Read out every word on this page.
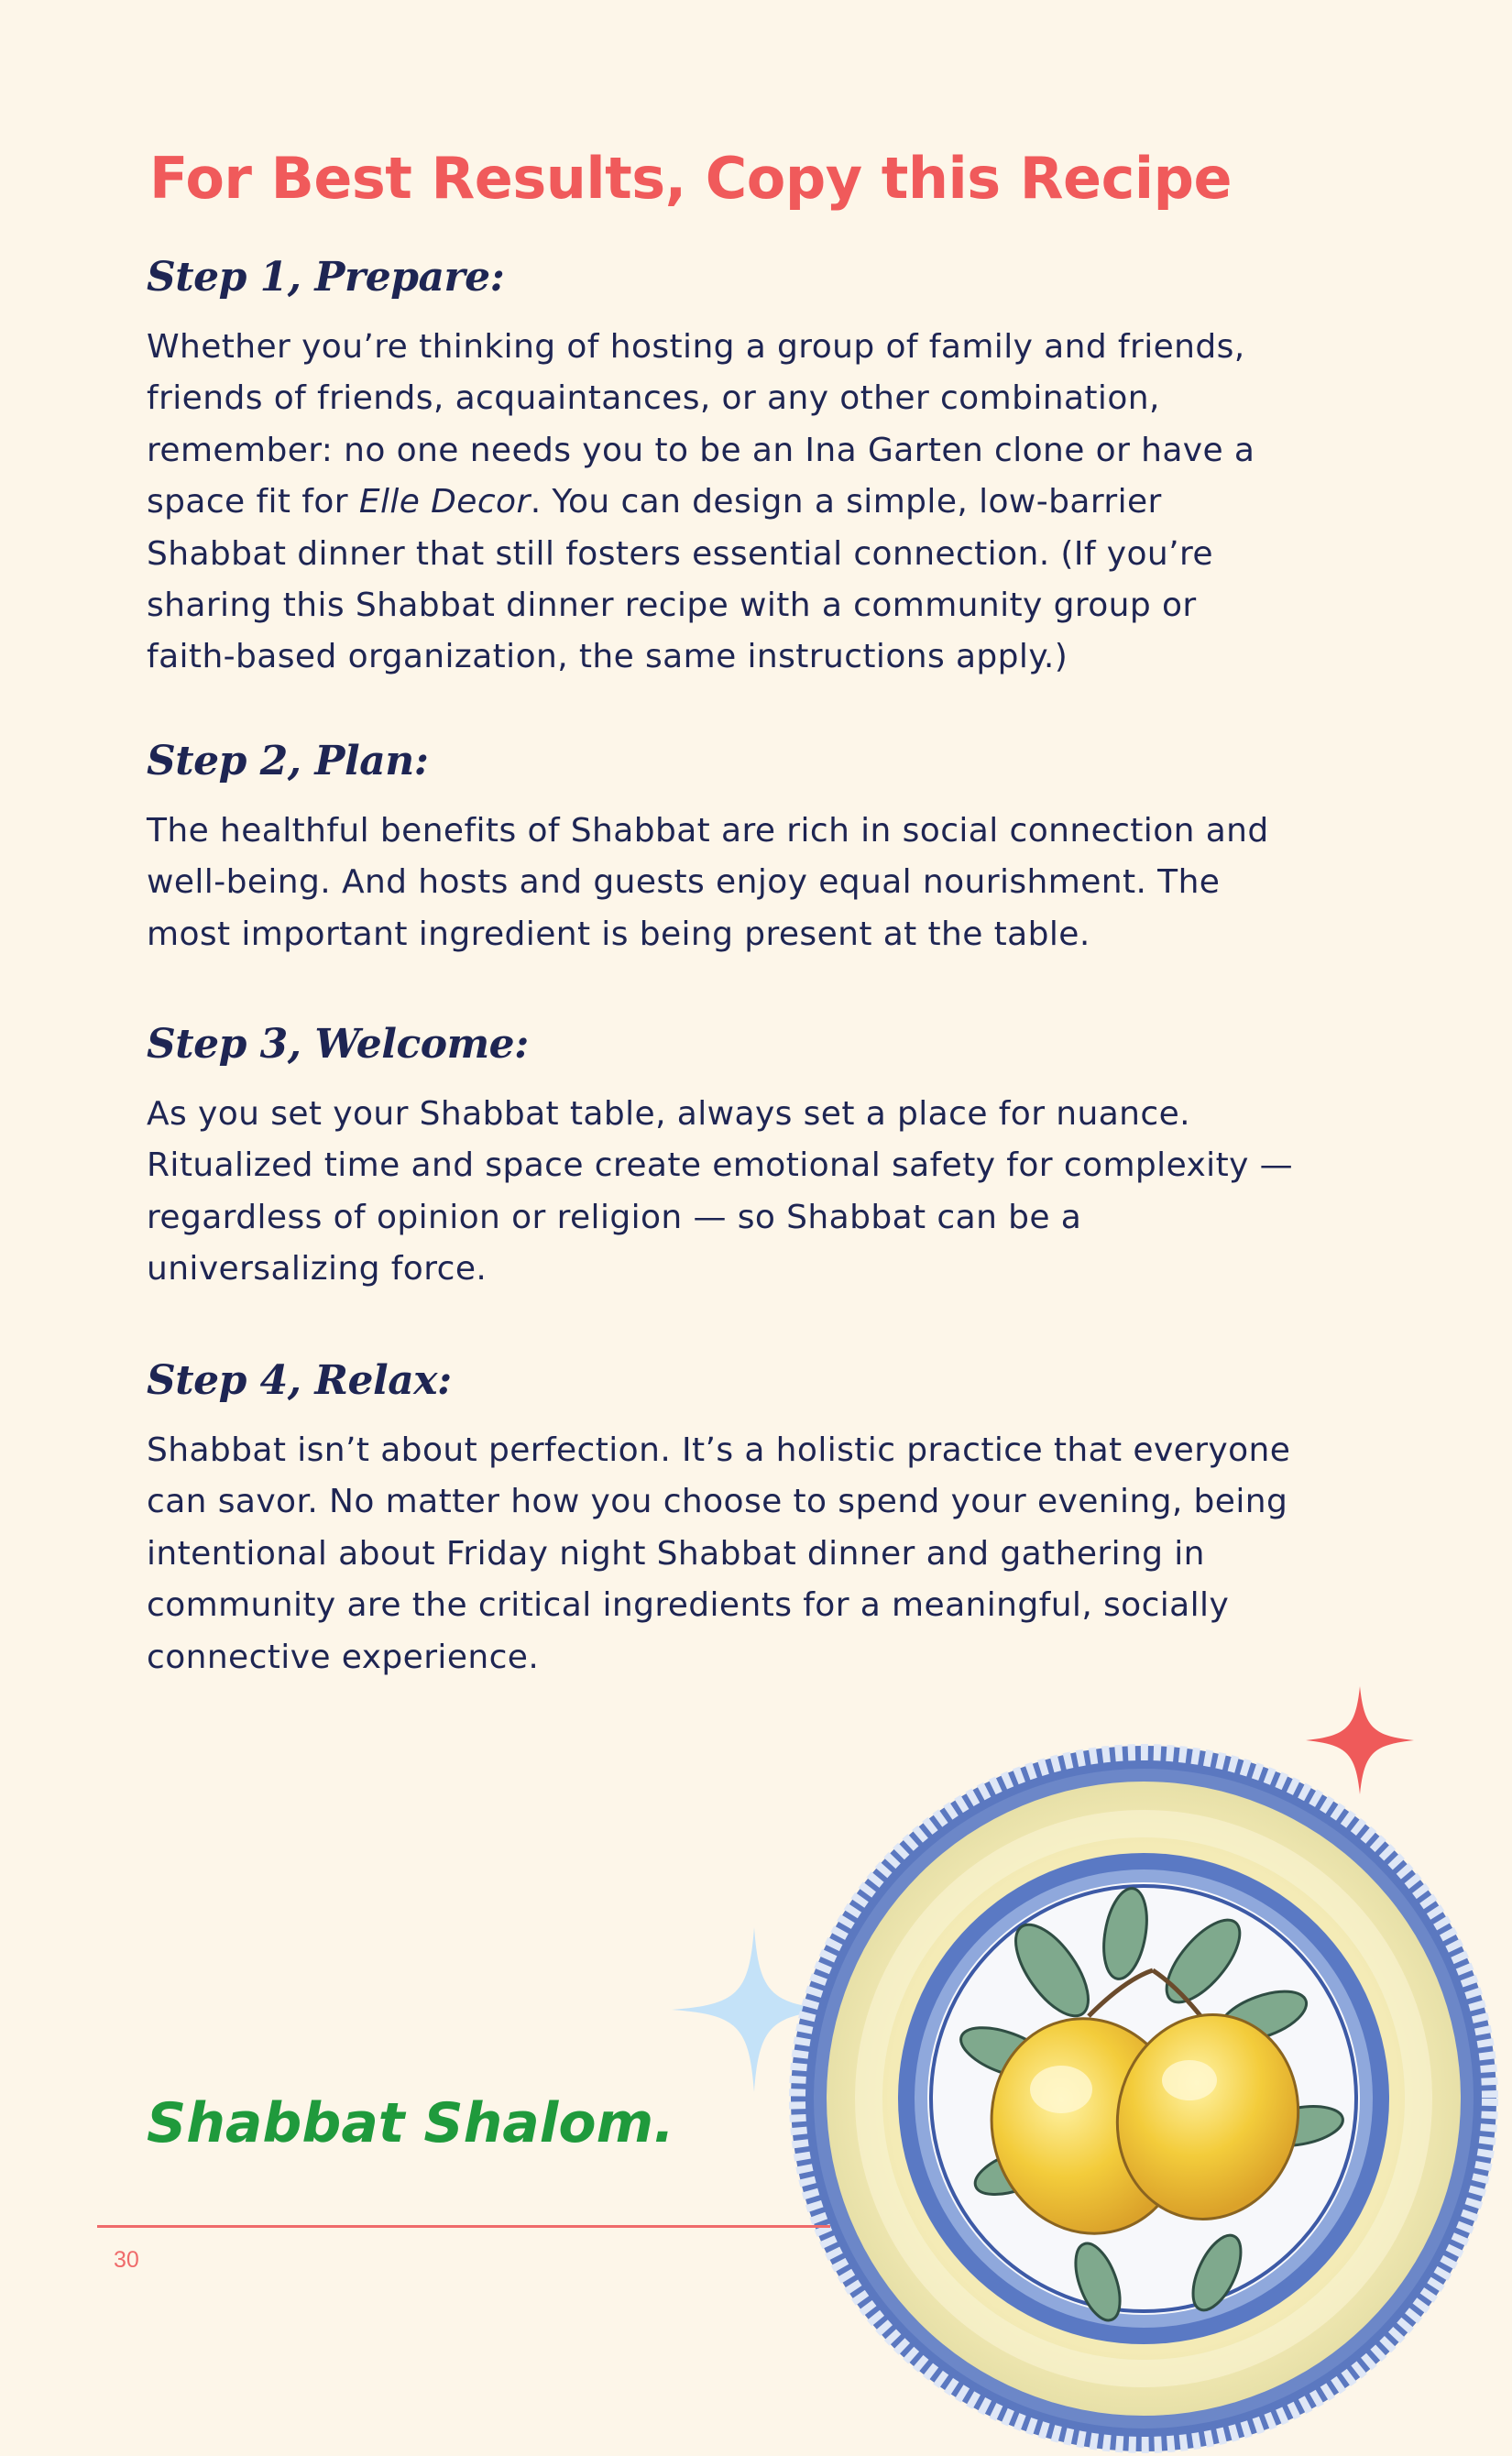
For Best Results, Copy this Recipe
Step 1, Prepare:

Whether you’re thinking of hosting a group of family and friends,
friends of friends, acquaintances, or any other combination,
remember: no one needs you to be an Ina Garten clone or have a
space fit for Elle Decor. You can design a simple, low-barrier
Shabbat dinner that still fosters essential connection. (If you’re
sharing this Shabbat dinner recipe with a community group or
faith-based organization, the same instructions apply.)

Step 2, Plan:

The healthful benefits of Shabbat are rich in social connection and
well-being. And hosts and guests enjoy equal nourishment. The
most important ingredient is being present at the table.

Step 3, Welcome:

As you set your Shabbat table, always set a place for nuance.
Ritualized time and space create emotional safety for complexity —
regardless of opinion or religion — so Shabbat can be a
universalizing force.

Step 4, Relax:

Shabbat isn’t about perfection. It’s a holistic practice that everyone
can savor. No matter how you choose to spend your evening, being
intentional about Friday night Shabbat dinner and gathering in
community are the critical ingredients for a meaningful, socially
connective experience.

Shabbat Shalom.

30
